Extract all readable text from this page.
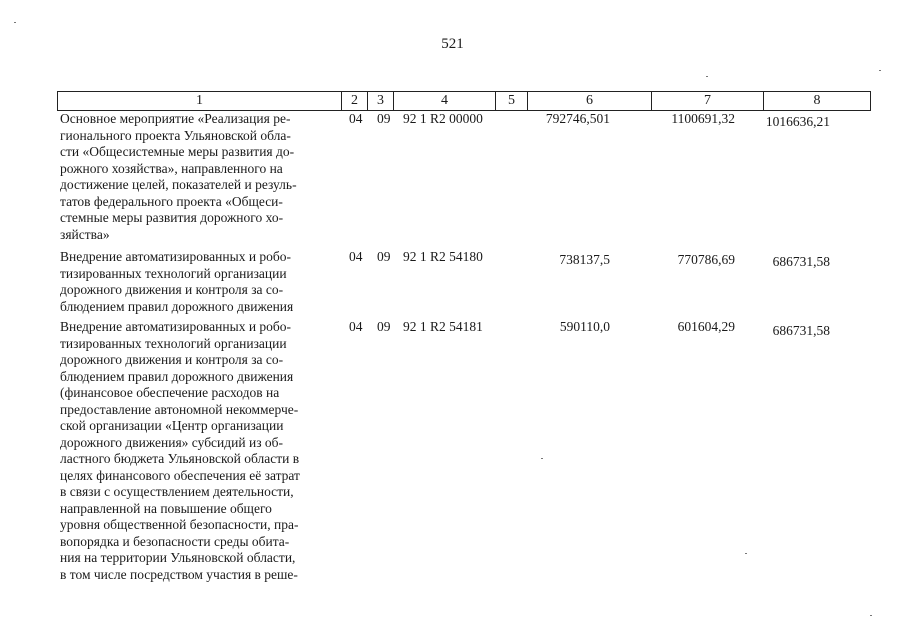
521
1	2	3	4	5	6	7	8
Основное мероприятие «Реализация ре-
гионального проекта Ульяновской обла-
сти «Общесистемные меры развития до-
рожного хозяйства», направленного на
достижение целей, показателей и резуль-
татов федерального проекта «Общеси-
стемные меры развития дорожного хо-
зяйства»
04 09 92 1 R2 00000	792746,501	1100691,32	1016636,21
Внедрение автоматизированных и робо-
тизированных технологий организации
дорожного движения и контроля за со-
блюдением правил дорожного движения
04 09 92 1 R2 54180	738137,5	770786,69	686731,58
Внедрение автоматизированных и робо-
тизированных технологий организации
дорожного движения и контроля за со-
блюдением правил дорожного движения
(финансовое обеспечение расходов на
предоставление автономной некоммерче-
ской организации «Центр организации
дорожного движения» субсидий из об-
ластного бюджета Ульяновской области в
целях финансового обеспечения её затрат
в связи с осуществлением деятельности,
направленной на повышение общего
уровня общественной безопасности, пра-
вопорядка и безопасности среды обита-
ния на территории Ульяновской области,
в том числе посредством участия в реше-
04 09 92 1 R2 54181	590110,0	601604,29	686731,58
